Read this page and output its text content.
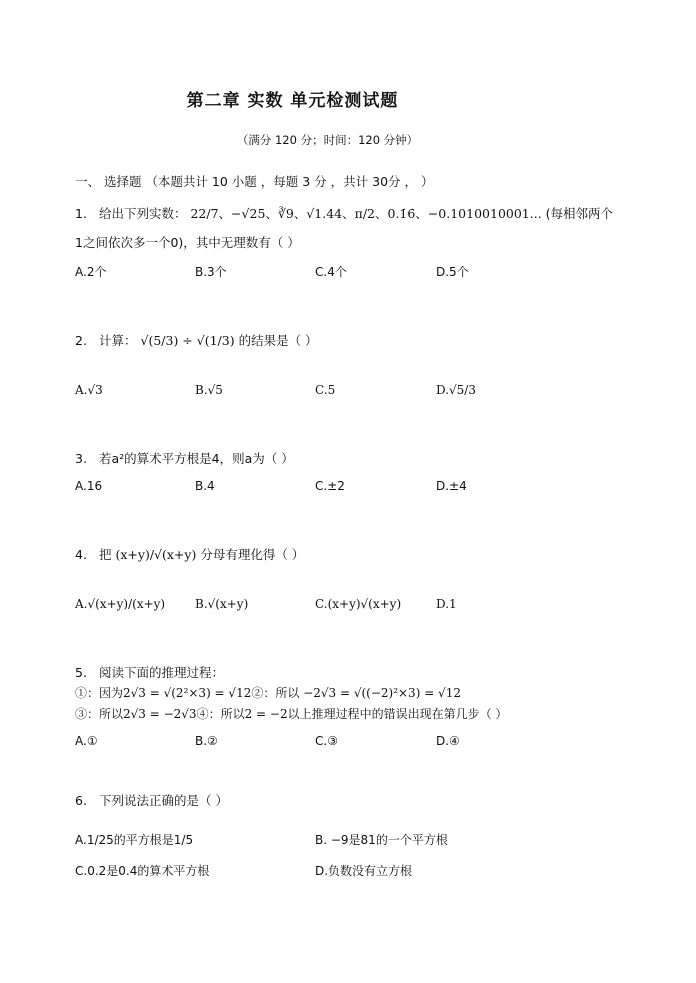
第二章 实数 单元检测试题
（满分 120 分；时间：120 分钟）
一、 选择题 （本题共计 10 小题 ，每题 3 分 ，共计 30分 ， ）
1. 给出下列实数： 22/7、−√25、∛9、√1.44、π/2、0.1̇6̇、−0.1010010001... (每相邻两个
1之间依次多一个0)，其中无理数有（ ）
A.2个	B.3个	C.4个	D.5个
2. 计算： √(5/3) ÷ √(1/3) 的结果是（ ）
A.√3	B.√5	C.5	D.√5/3
3. 若a²的算术平方根是4，则a为（ ）
A.16	B.4	C.±2	D.±4
4. 把 (x+y)/√(x+y) 分母有理化得（ ）
A.√(x+y)/(x+y) B.√(x+y)	C.(x+y)√(x+y)	D.1
5. 阅读下面的推理过程：
①：因为2√3 = √(2²×3) = √12②：所以 −2√3 = √((−2)²×3) = √12
③：所以2√3 = −2√3④：所以2 = −2以上推理过程中的错误出现在第几步（ ）
A.①	B.②	C.③	D.④
6. 下列说法正确的是（ ）
A.1/25的平方根是1/5	B. −9是81的一个平方根
C.0.2是0.4的算术平方根	D.负数没有立方根
